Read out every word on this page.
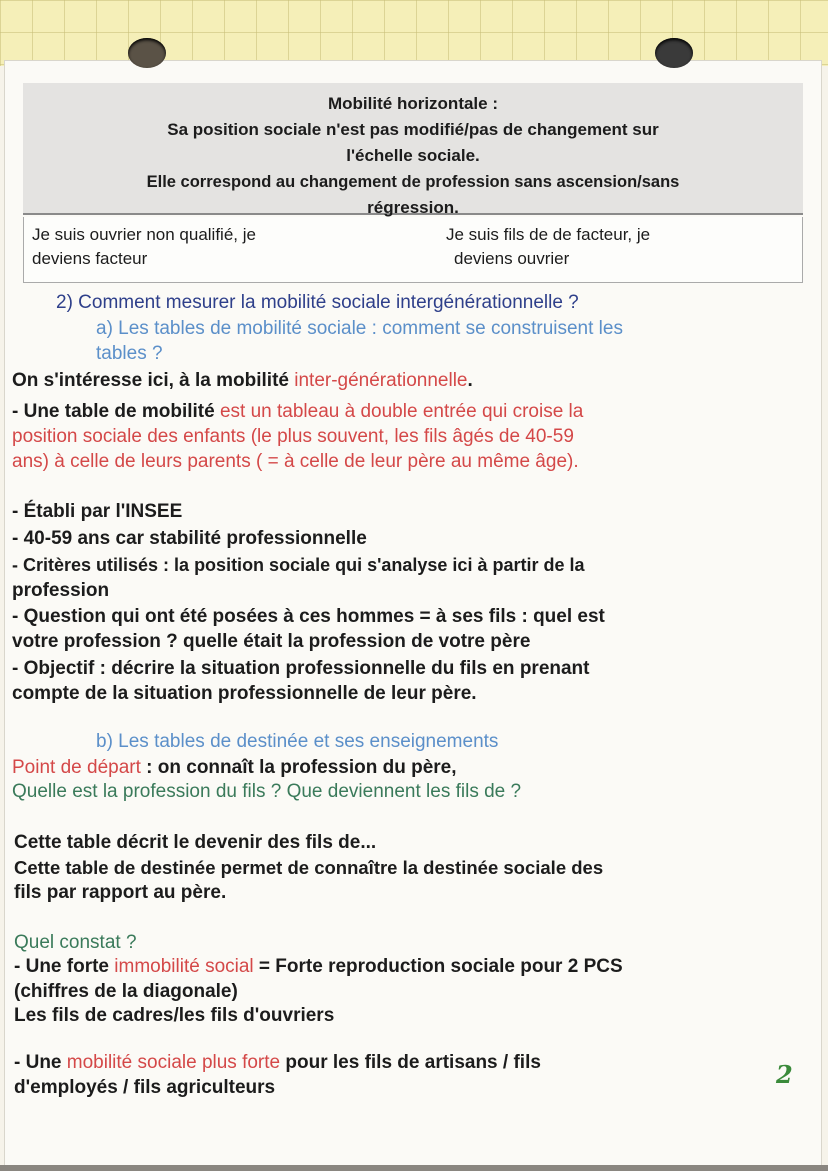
Mobilité horizontale :
Sa position sociale n'est pas modifié/pas de changement sur
l'échelle sociale.
Elle correspond au changement de profession sans ascension/sans
régression.
Je suis ouvrier non qualifié, je
deviens facteur
Je suis fils de de facteur, je
deviens ouvrier
2) Comment mesurer la mobilité sociale intergénérationnelle ?
a) Les tables de mobilité sociale : comment se construisent les
tables ?
On s'intéresse ici, à la mobilité inter-générationnelle.
- Une table de mobilité est un tableau à double entrée qui croise la
position sociale des enfants (le plus souvent, les fils âgés de 40-59
ans) à celle de leurs parents ( = à celle de leur père au même âge).
- Établi par l'INSEE
- 40-59 ans car stabilité professionnelle
- Critères utilisés : la position sociale qui s'analyse ici à partir de la
profession
- Question qui ont été posées à ces hommes = à ses fils : quel est
votre profession ? quelle était la profession de votre père
- Objectif : décrire la situation professionnelle du fils en prenant
compte de la situation professionnelle de leur père.
b) Les tables de destinée et ses enseignements
Point de départ : on connaît la profession du père,
Quelle est la profession du fils ? Que deviennent les fils de ?
Cette table décrit le devenir des fils de...
Cette table de destinée permet de connaître la destinée sociale des
fils par rapport au père.
Quel constat ?
- Une forte immobilité social = Forte reproduction sociale pour 2 PCS
(chiffres de la diagonale)
Les fils de cadres/les fils d'ouvriers
- Une mobilité sociale plus forte pour les fils de artisans / fils
d'employés / fils agriculteurs	2
